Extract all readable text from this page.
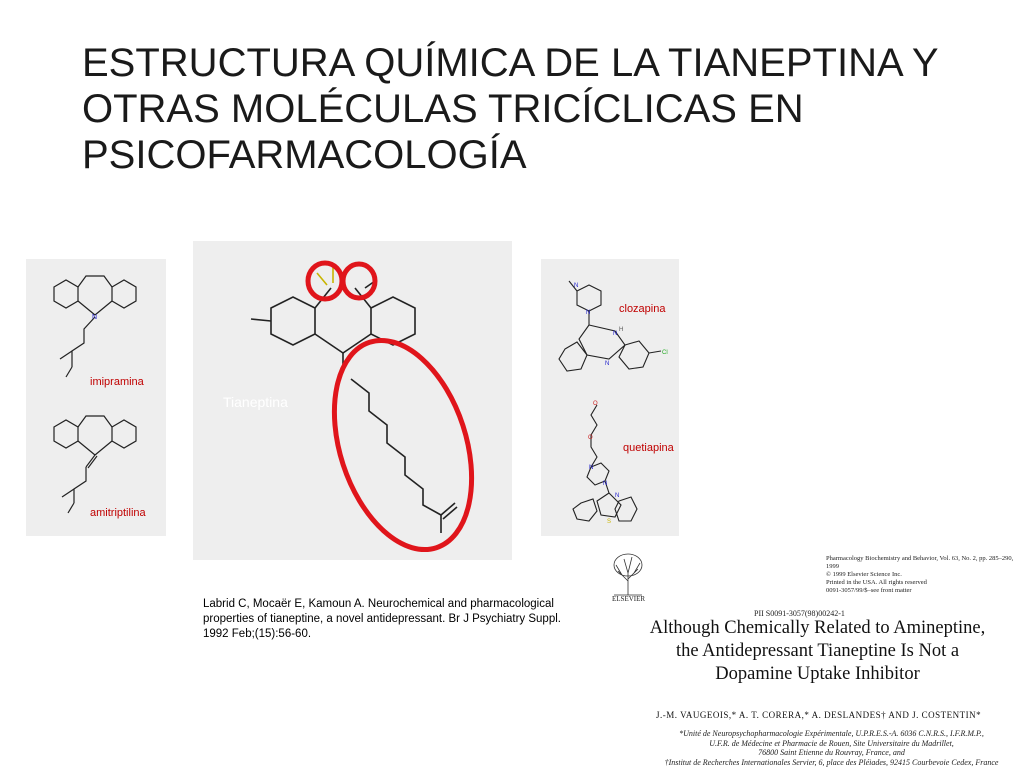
ESTRUCTURA QUÍMICA DE LA TIANEPTINA Y OTRAS MOLÉCULAS TRICÍCLICAS EN PSICOFARMACOLOGÍA
N
imipramina
amitriptilina
Tianeptina
N
N
N
N
H
Cl
O
O
N
N
N
S
clozapina
quetiapina
Labrid C, Mocaër E, Kamoun A. Neurochemical and pharmacological properties of tianeptine, a novel antidepressant. Br J Psychiatry Suppl. 1992 Feb;(15):56-60.
ELSEVIER
Pharmacology Biochemistry and Behavior, Vol. 63, No. 2, pp. 285–290, 1999
© 1999 Elsevier Science Inc.
Printed in the USA. All rights reserved
0091-3057/99/$–see front matter
PII S0091-3057(98)00242-1
Although Chemically Related to Amineptine,
the Antidepressant Tianeptine Is Not a
Dopamine Uptake Inhibitor
J.-M. VAUGEOIS,* A. T. CORERA,* A. DESLANDES† AND J. COSTENTIN*
*Unité de Neuropsychopharmacologie Expérimentale, U.P.R.E.S.-A. 6036 C.N.R.S., I.F.R.M.P.,
U.F.R. de Médecine et Pharmacie de Rouen, Site Universitaire du Madrillet,
76800 Saint Etienne du Rouvray, France, and
†Institut de Recherches Internationales Servier, 6, place des Pléiades, 92415 Courbevoie Cedex, France
